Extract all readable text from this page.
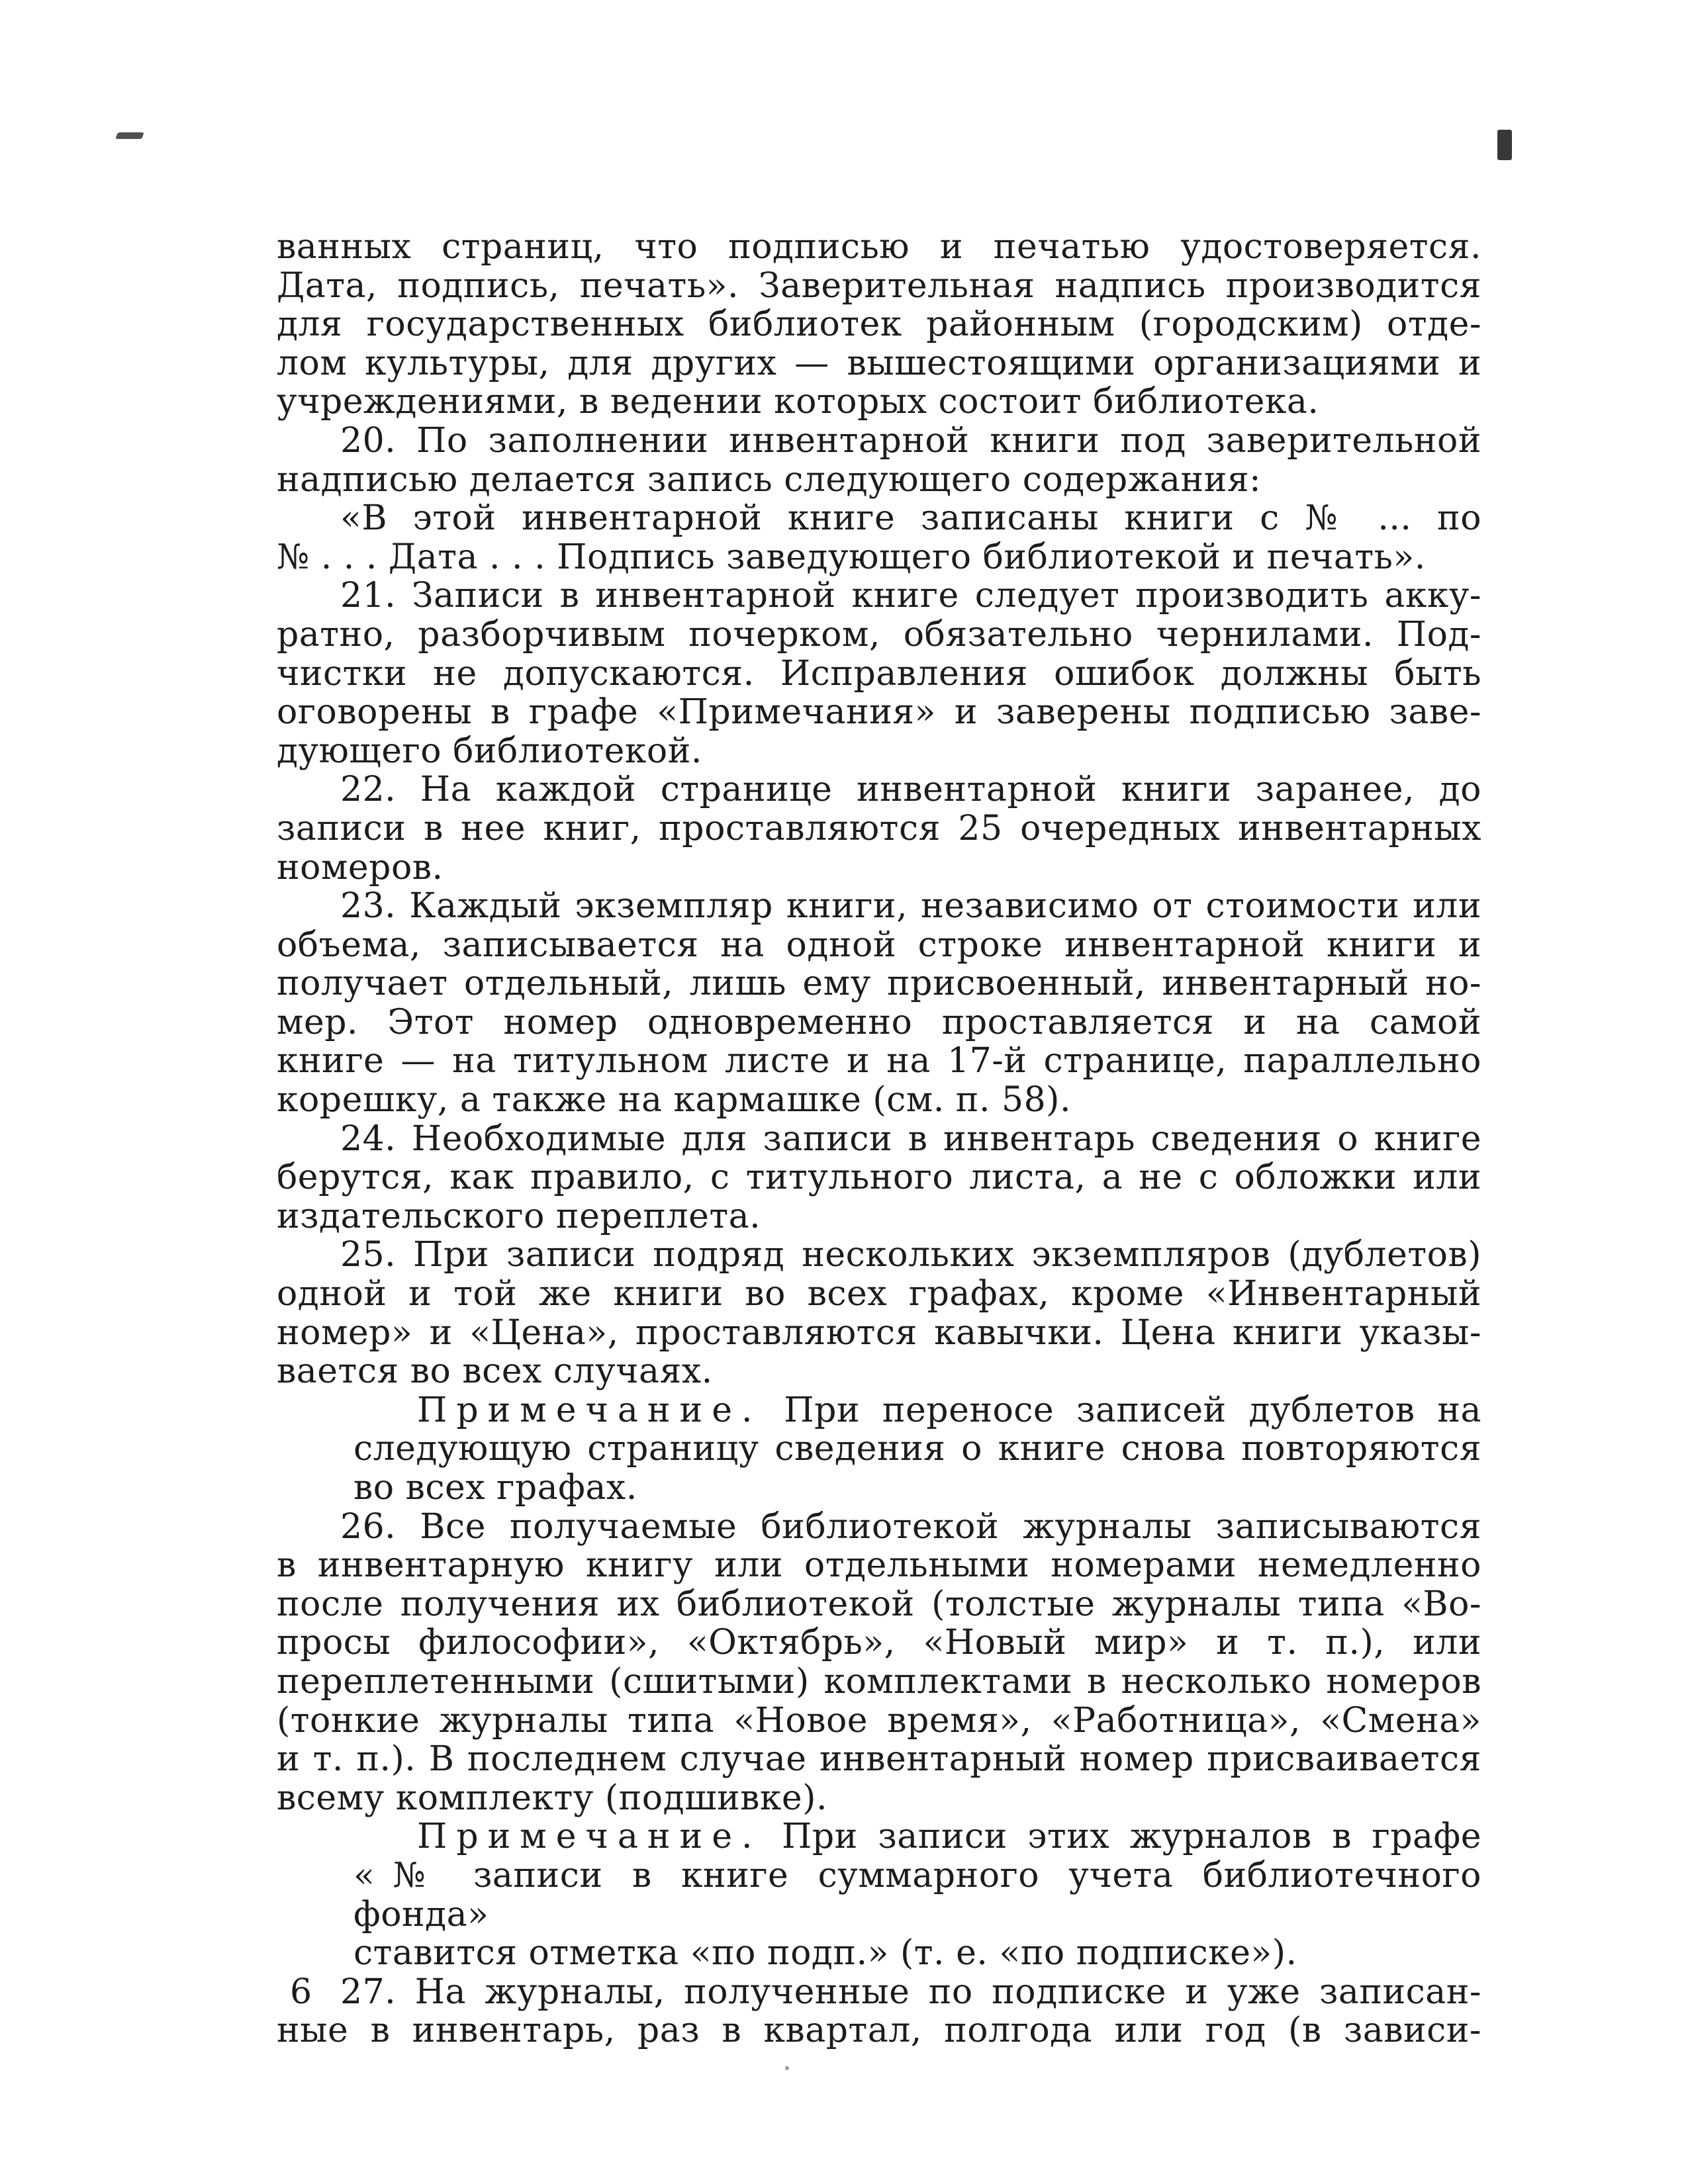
ванных страниц, что подписью и печатью удостоверяется.

Дата, подпись, печать». Заверительная надпись производится

для государственных библиотек районным (городским) отде-

лом культуры, для других — вышестоящими организациями и

учреждениями, в ведении которых состоит библиотека.

20. По заполнении инвентарной книги под заверительной

надписью делается запись следующего содержания:

«В этой инвентарной книге записаны книги с № ... по

№ . . . Дата . . . Подпись заведующего библиотекой и печать».

21. Записи в инвентарной книге следует производить акку-

ратно, разборчивым почерком, обязательно чернилами. Под-

чистки не допускаются. Исправления ошибок должны быть

оговорены в графе «Примечания» и заверены подписью заве-

дующего библиотекой.

22. На каждой странице инвентарной книги заранее, до

записи в нее книг, проставляются 25 очередных инвентарных

номеров.

23. Каждый экземпляр книги, независимо от стоимости или

объема, записывается на одной строке инвентарной книги и

получает отдельный, лишь ему присвоенный, инвентарный но-

мер. Этот номер одновременно проставляется и на самой

книге — на титульном листе и на 17-й странице, параллельно

корешку, а также на кармашке (см. п. 58).

24. Необходимые для записи в инвентарь сведения о книге

берутся, как правило, с титульного листа, а не с обложки или

издательского переплета.

25. При записи подряд нескольких экземпляров (дублетов)

одной и той же книги во всех графах, кроме «Инвентарный

номер» и «Цена», проставляются кавычки. Цена книги указы-

вается во всех случаях.

Примечание. При переносе записей дублетов на

следующую страницу сведения о книге снова повторяются

во всех графах.

26. Все получаемые библиотекой журналы записываются

в инвентарную книгу или отдельными номерами немедленно

после получения их библиотекой (толстые журналы типа «Во-

просы философии», «Октябрь», «Новый мир» и т. п.), или

переплетенными (сшитыми) комплектами в несколько номеров

(тонкие журналы типа «Новое время», «Работница», «Смена»

и т. п.). В последнем случае инвентарный номер присваивается

всему комплекту (подшивке).

Примечание. При записи этих журналов в графе

«№ записи в книге суммарного учета библиотечного фонда»

ставится отметка «по подп.» (т. е. «по подписке»).

27. На журналы, полученные по подписке и уже записан-

ные в инвентарь, раз в квартал, полгода или год (в зависи-

6
